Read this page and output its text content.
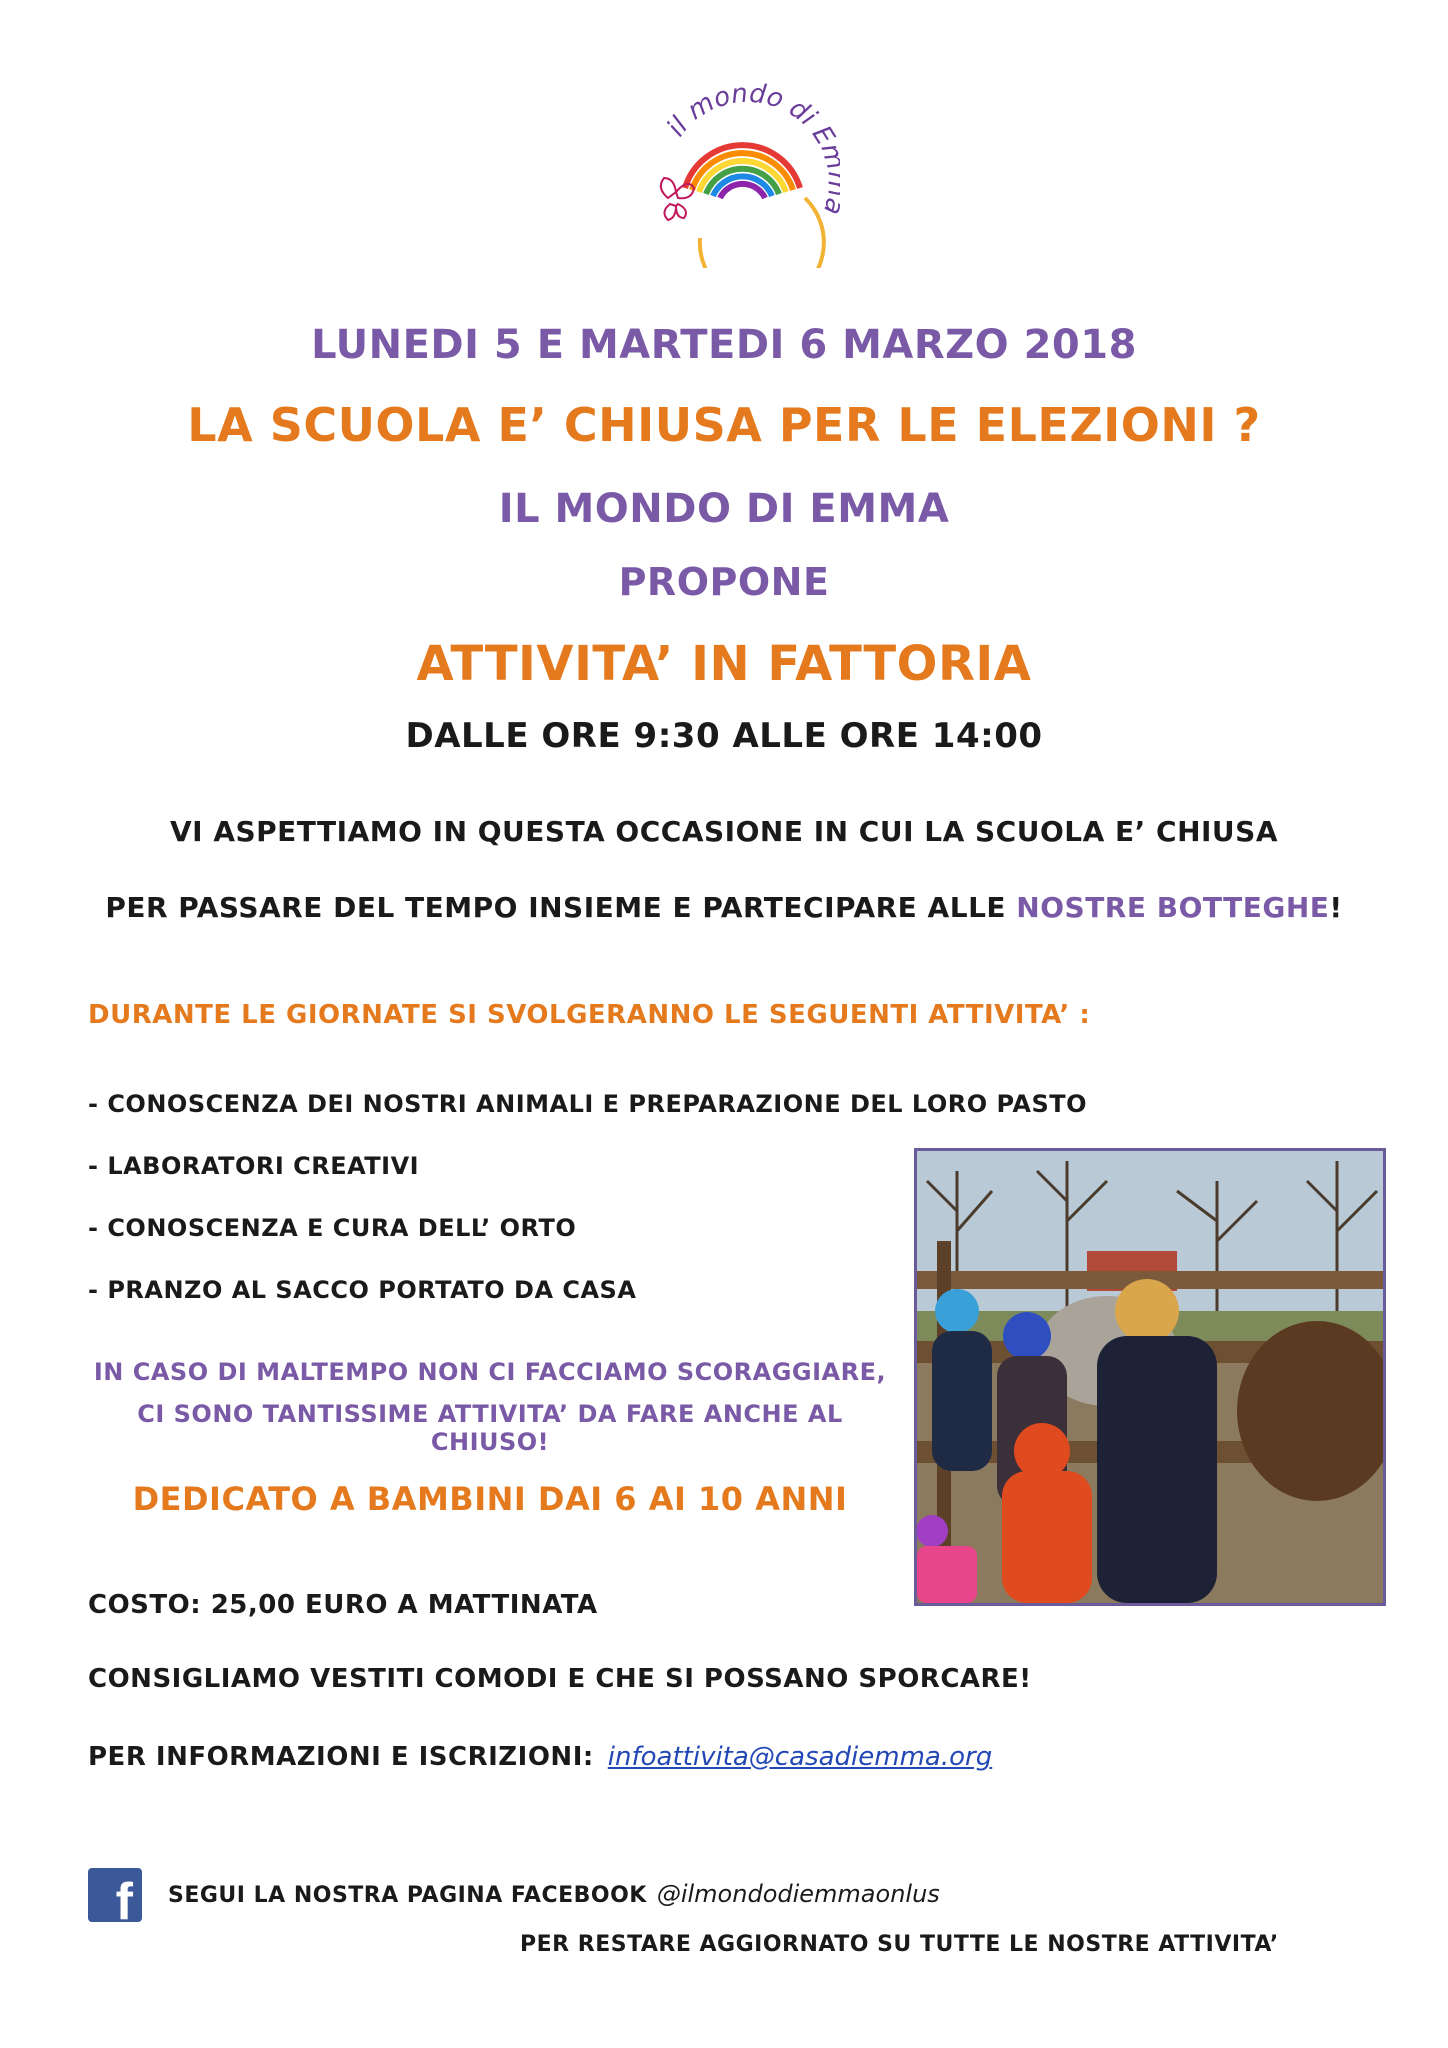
il mondo di E
LUNEDI 5 E MARTEDI 6 MARZO 2018
LA SCUOLA E’ CHIUSA PER LE ELEZIONI ?
IL MONDO DI EMMA
PROPONE
ATTIVITA’ IN FATTORIA
DALLE ORE 9:30 ALLE ORE 14:00
VI ASPETTIAMO IN QUESTA OCCASIONE IN CUI LA SCUOLA E’ CHIUSA
PER PASSARE DEL TEMPO INSIEME E PARTECIPARE ALLE NOSTRE BOTTEGHE!
DURANTE LE GIORNATE SI SVOLGERANNO LE SEGUENTI ATTIVITA’ :
- CONOSCENZA DEI NOSTRI ANIMALI E PREPARAZIONE DEL LORO PASTO
- LABORATORI CREATIVI
- CONOSCENZA E CURA DELL’ ORTO
- PRANZO AL SACCO PORTATO DA CASA
IN CASO DI MALTEMPO NON CI FACCIAMO SCORAGGIARE,
CI SONO TANTISSIME ATTIVITA’ DA FARE ANCHE AL CHIUSO!
DEDICATO A BAMBINI DAI 6 AI 10 ANNI
COSTO: 25,00 EURO A MATTINATA
CONSIGLIAMO VESTITI COMODI E CHE SI POSSANO SPORCARE!
PER INFORMAZIONI E ISCRIZIONI: infoattivita@casadiemma.org
f SEGUI LA NOSTRA PAGINA FACEBOOK @ilmondodiemmaonlus
PER RESTARE AGGIORNATO SU TUTTE LE NOSTRE ATTIVITA’
